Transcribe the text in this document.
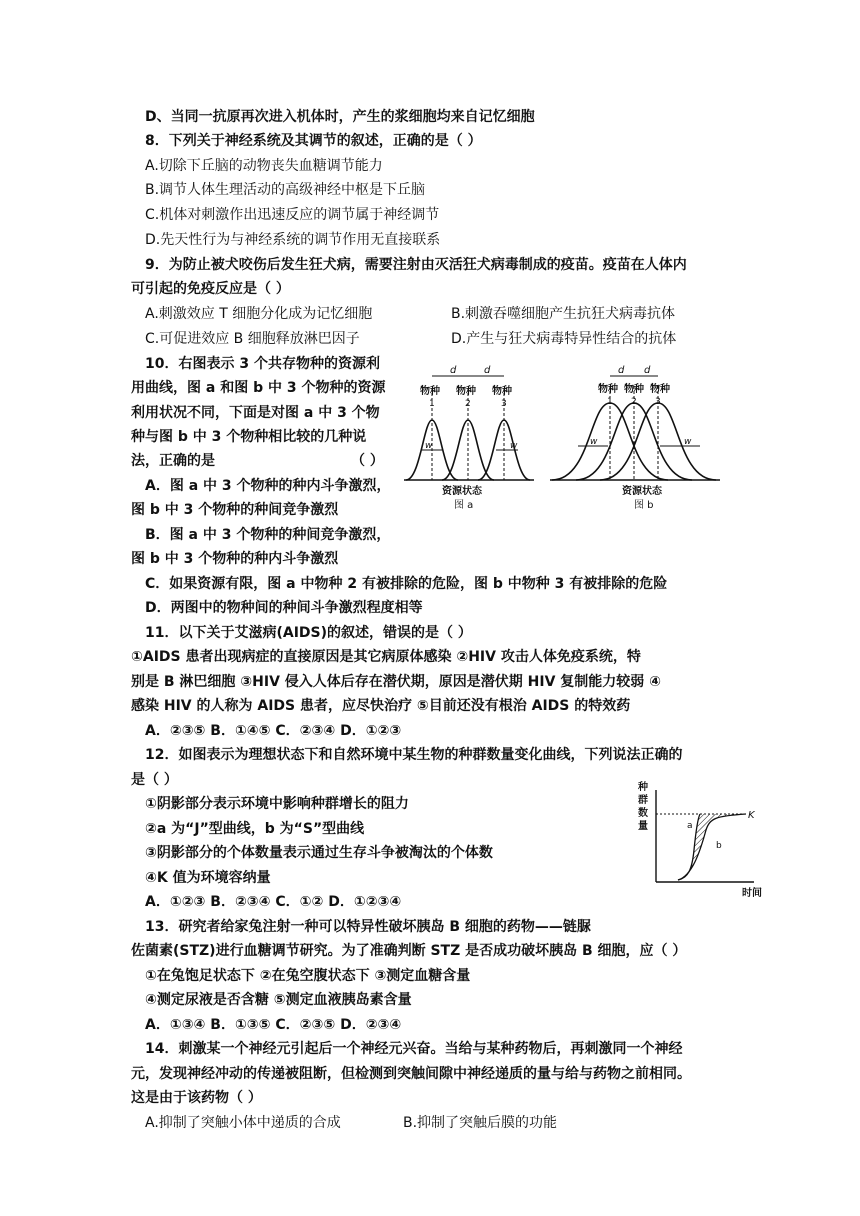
D、当同一抗原再次进入机体时，产生的浆细胞均来自记忆细胞
8．下列关于神经系统及其调节的叙述，正确的是（ ）
A.切除下丘脑的动物丧失血糖调节能力
B.调节人体生理活动的高级神经中枢是下丘脑
C.机体对刺激作出迅速反应的调节属于神经调节
D.先天性行为与神经系统的调节作用无直接联系
9．为防止被犬咬伤后发生狂犬病，需要注射由灭活狂犬病毒制成的疫苗。疫苗在人体内
可引起的免疫反应是（ ）
A.刺激效应 T 细胞分化成为记忆细胞	B.刺激吞噬细胞产生抗狂犬病毒抗体
C.可促进效应 B 细胞释放淋巴因子	D.产生与狂犬病毒特异性结合的抗体
10．右图表示 3 个共存物种的资源利
用曲线，图 a 和图 b 中 3 个物种的资源
利用状况不同，下面是对图 a 中 3 个物
种与图 b 中 3 个物种相比较的几种说
法，正确的是	（ ）
A．图 a 中 3 个物种的种内斗争激烈，
图 b 中 3 个物种的种间竞争激烈
B．图 a 中 3 个物种的种间竞争激烈，
图 b 中 3 个物种的种内斗争激烈
C．如果资源有限，图 a 中物种 2 有被排除的危险，图 b 中物种 3 有被排除的危险
D．两图中的物种间的种间斗争激烈程度相等
d	d
物种 物种 物种
1	2	3
w	w
资源状态
图 a
d d
物种 物种 物种
1 2 3
w	w
资源状态
图 b
11．以下关于艾滋病(AIDS)的叙述，错误的是（ ）
①AIDS 患者出现病症的直接原因是其它病原体感染 ②HIV 攻击人体免疫系统，特
别是 B 淋巴细胞 ③HIV 侵入人体后存在潜伏期，原因是潜伏期 HIV 复制能力较弱 ④
感染 HIV 的人称为 AIDS 患者，应尽快治疗 ⑤目前还没有根治 AIDS 的特效药
A．②③⑤ B．①④⑤ C．②③④ D．①②③
12．如图表示为理想状态下和自然环境中某生物的种群数量变化曲线，下列说法正确的
是（ ）
①阴影部分表示环境中影响种群增长的阻力
②a 为“J”型曲线，b 为“S”型曲线
③阴影部分的个体数量表示通过生存斗争被淘汰的个体数
④K 值为环境容纳量
A．①②③ B．②③④ C．①② D．①②③④
种
群
数
量
K
a
b
时间
13．研究者给家兔注射一种可以特异性破坏胰岛 B 细胞的药物——链脲
佐菌素(STZ)进行血糖调节研究。为了准确判断 STZ 是否成功破坏胰岛 B 细胞，应（ ）
①在兔饱足状态下 ②在兔空腹状态下 ③测定血糖含量
④测定尿液是否含糖 ⑤测定血液胰岛素含量
A．①③④ B．①③⑤ C．②③⑤ D．②③④
14．刺激某一个神经元引起后一个神经元兴奋。当给与某种药物后，再刺激同一个神经
元，发现神经冲动的传递被阻断，但检测到突触间隙中神经递质的量与给与药物之前相同。
这是由于该药物（ ）
A.抑制了突触小体中递质的合成	B.抑制了突触后膜的功能
